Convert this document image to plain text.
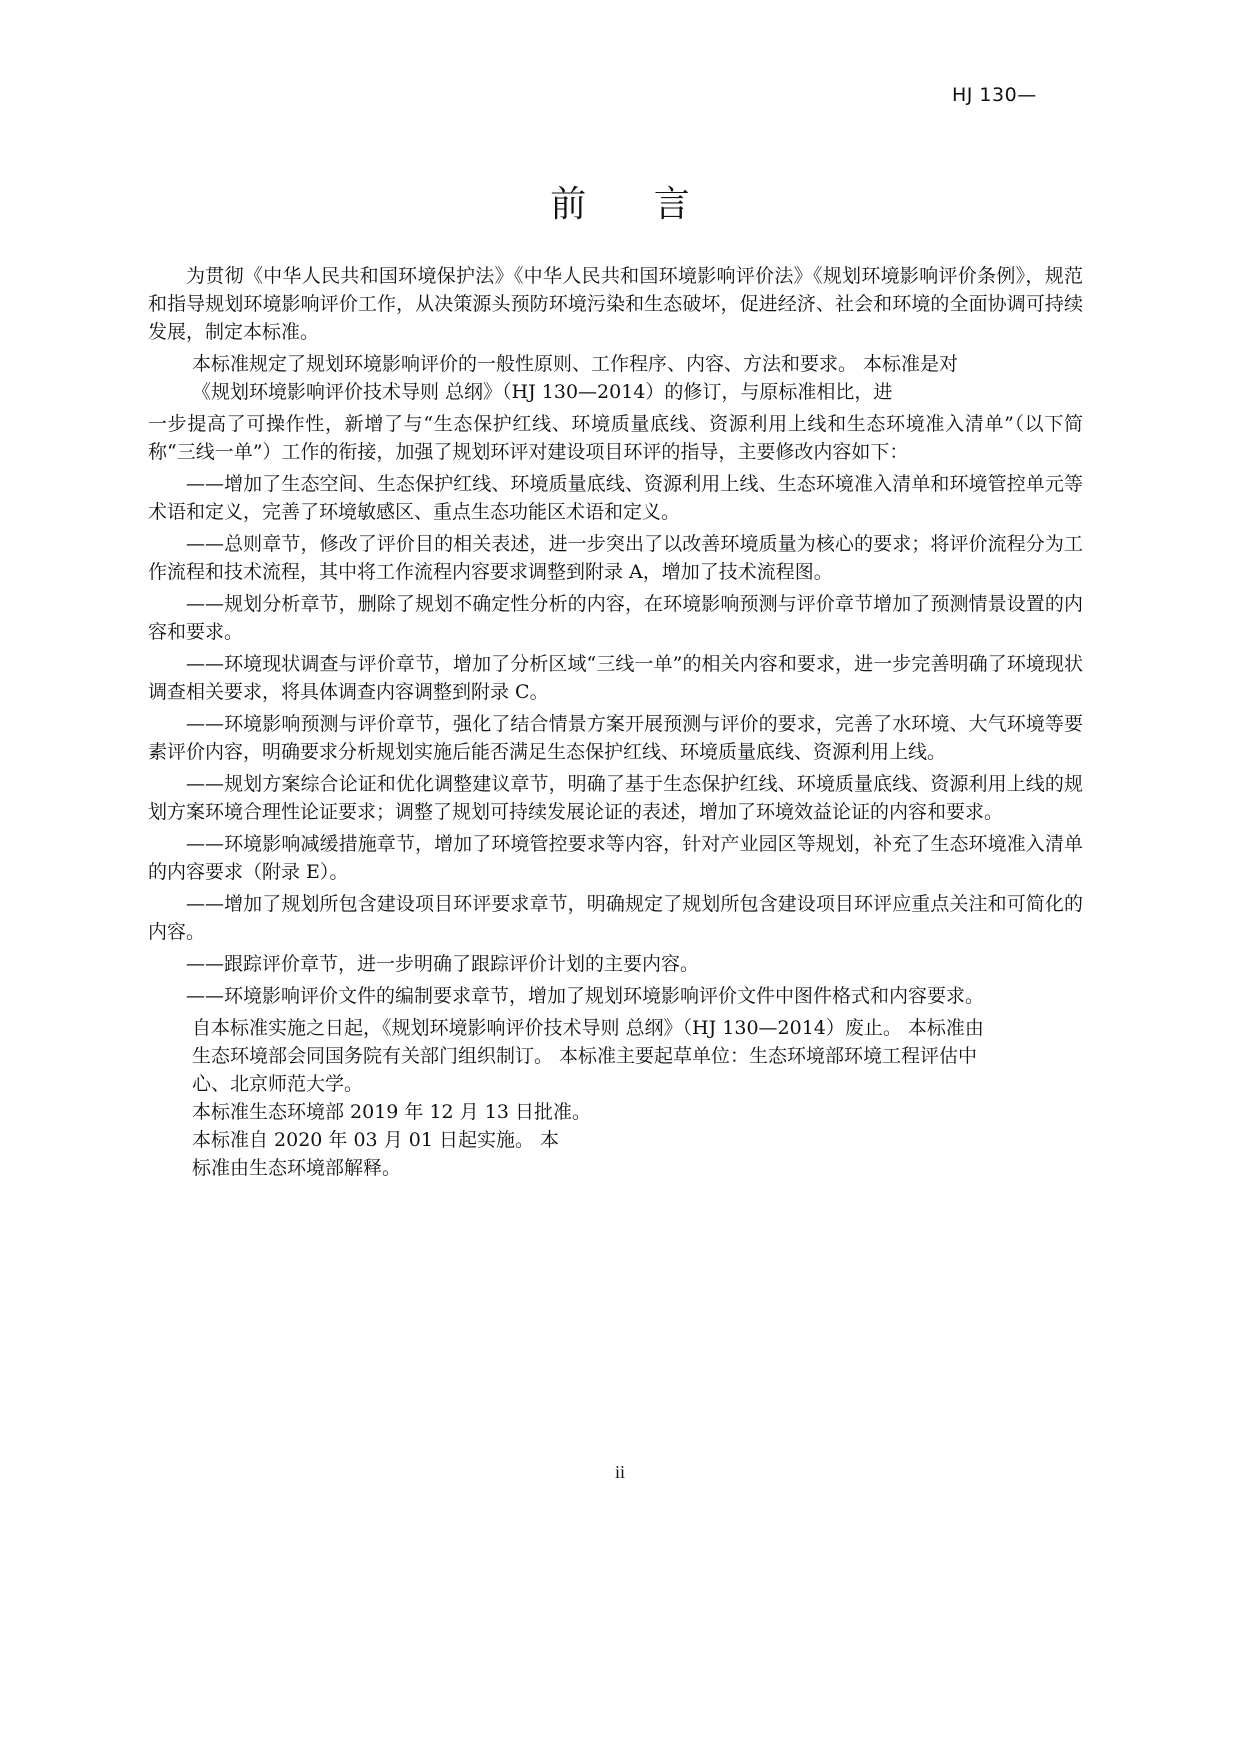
HJ 130—
前 言

为贯彻《中华人民共和国环境保护法》《中华人民共和国环境影响评价法》《规划环境影响评价条例》，规范和指导规划环境影响评价工作，从决策源头预防环境污染和生态破坏，促进经济、社会和环境的全面协调可持续发展，制定本标准。

本标准规定了规划环境影响评价的一般性原则、工作程序、内容、方法和要求。 本标准是对
《规划环境影响评价技术导则 总纲》（HJ 130—2014）的修订，与原标准相比，进

一步提高了可操作性，新增了与“生态保护红线、环境质量底线、资源利用上线和生态环境准入清单”（以下简称“三线一单”）工作的衔接，加强了规划环评对建设项目环评的指导，主要修改内容如下：

——增加了生态空间、生态保护红线、环境质量底线、资源利用上线、生态环境准入清单和环境管控单元等术语和定义，完善了环境敏感区、重点生态功能区术语和定义。

——总则章节，修改了评价目的相关表述，进一步突出了以改善环境质量为核心的要求；将评价流程分为工作流程和技术流程，其中将工作流程内容要求调整到附录 A，增加了技术流程图。

——规划分析章节，删除了规划不确定性分析的内容，在环境影响预测与评价章节增加了预测情景设置的内容和要求。

——环境现状调查与评价章节，增加了分析区域“三线一单”的相关内容和要求，进一步完善明确了环境现状调查相关要求，将具体调查内容调整到附录 C。

——环境影响预测与评价章节，强化了结合情景方案开展预测与评价的要求，完善了水环境、大气环境等要素评价内容，明确要求分析规划实施后能否满足生态保护红线、环境质量底线、资源利用上线。

——规划方案综合论证和优化调整建议章节，明确了基于生态保护红线、环境质量底线、资源利用上线的规划方案环境合理性论证要求；调整了规划可持续发展论证的表述，增加了环境效益论证的内容和要求。

——环境影响减缓措施章节，增加了环境管控要求等内容，针对产业园区等规划，补充了生态环境准入清单的内容要求（附录 E）。

——增加了规划所包含建设项目环评要求章节，明确规定了规划所包含建设项目环评应重点关注和可简化的内容。

——跟踪评价章节，进一步明确了跟踪评价计划的主要内容。

——环境影响评价文件的编制要求章节，增加了规划环境影响评价文件中图件格式和内容要求。

自本标准实施之日起，《规划环境影响评价技术导则 总纲》（HJ 130—2014）废止。 本标准由
生态环境部会同国务院有关部门组织制订。 本标准主要起草单位：生态环境部环境工程评估中
心、北京师范大学。
本标准生态环境部 2019 年 12 月 13 日批准。
本标准自 2020 年 03 月 01 日起实施。 本
标准由生态环境部解释。
ii
